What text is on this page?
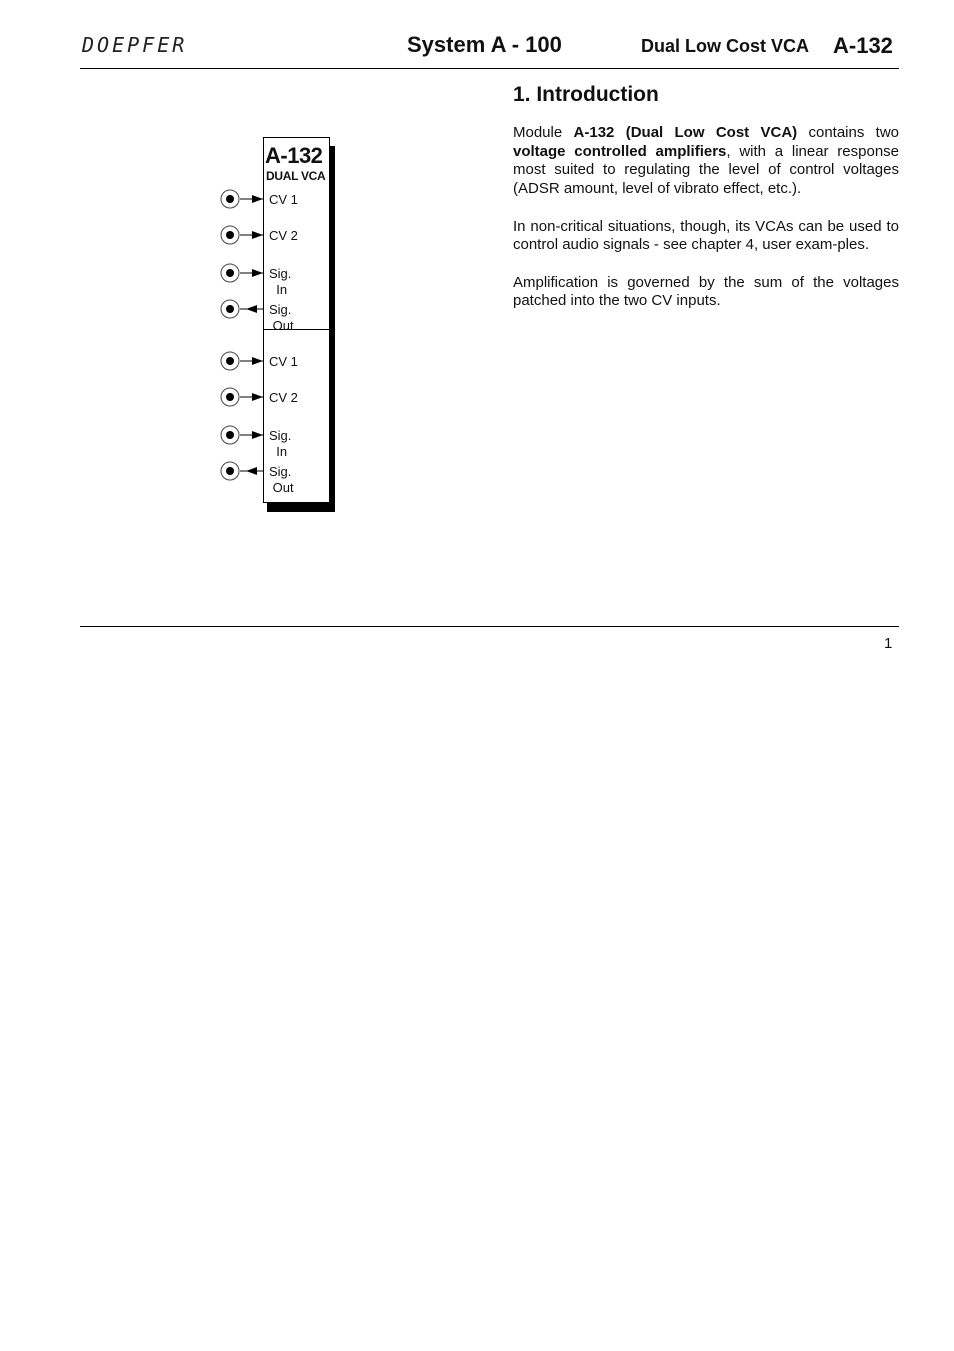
DOEPFER	System A - 100	Dual Low Cost VCA A-132
1. Introduction

Module A-132 (Dual Low Cost VCA) contains two voltage controlled amplifiers, with a linear response most suited to regulating the level of control voltages (ADSR amount, level of vibrato effect, etc.).

In non-critical situations, though, its VCAs can be used to control audio signals - see chapter 4, user exam-ples.

Amplification is governed by the sum of the voltages patched into the two CV inputs.

A-132
DUAL VCA
CV 1
CV 2
Sig.
In
Sig.
Out
CV 1
CV 2
Sig.
In
Sig.
Out
1
